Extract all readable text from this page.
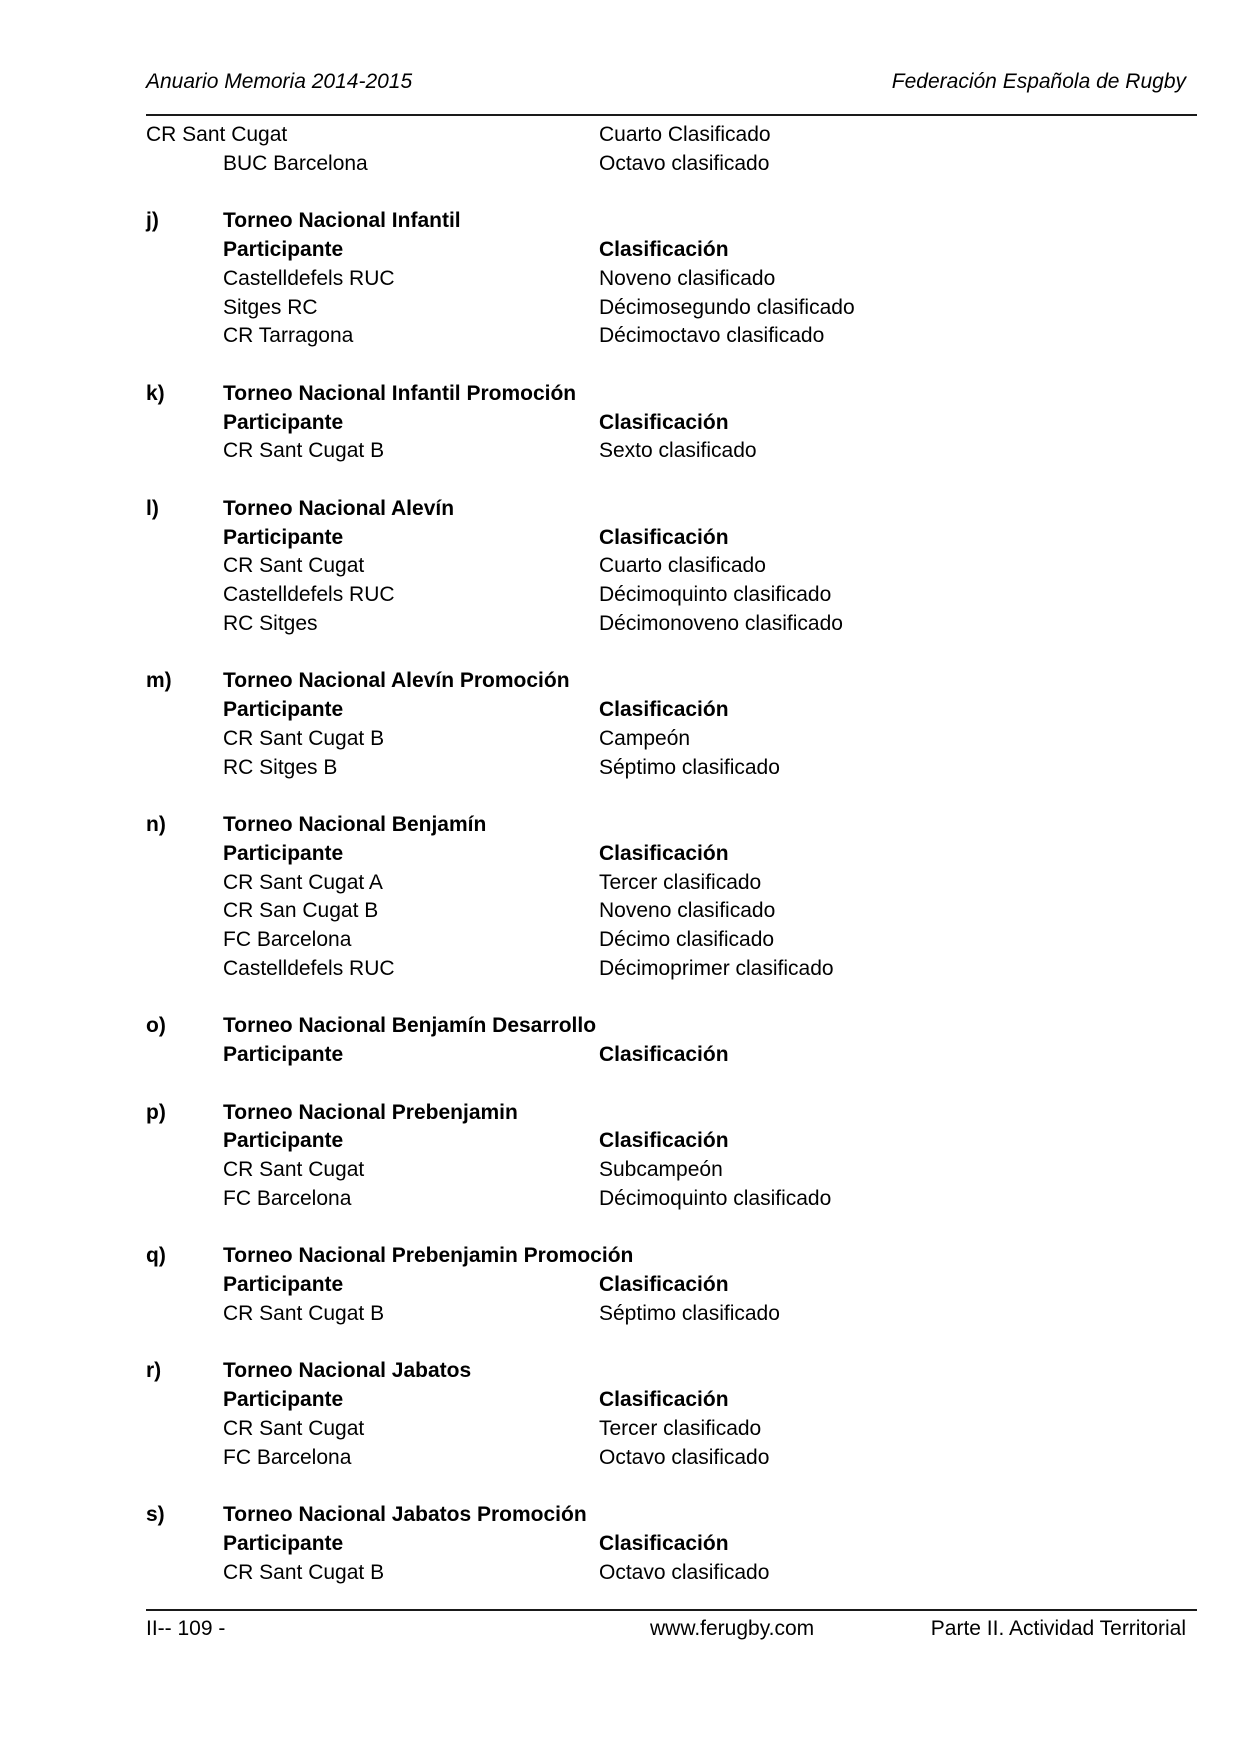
Anuario Memoria 2014-2015	Federación Española de Rugby
CR Sant Cugat	Cuarto Clasificado
BUC Barcelona	Octavo clasificado
j)	Torneo Nacional Infantil
Participante	Clasificación
Castelldefels RUC	Noveno clasificado
Sitges RC	Décimosegundo clasificado
CR Tarragona	Décimoctavo clasificado
k)	Torneo Nacional Infantil Promoción
Participante	Clasificación
CR Sant Cugat B	Sexto clasificado
l)	Torneo Nacional Alevín
Participante	Clasificación
CR Sant Cugat	Cuarto clasificado
Castelldefels RUC	Décimoquinto clasificado
RC Sitges	Décimonoveno clasificado
m) Torneo Nacional Alevín Promoción
Participante	Clasificación
CR Sant Cugat B	Campeón
RC Sitges B	Séptimo clasificado
n)	Torneo Nacional Benjamín
Participante	Clasificación
CR Sant Cugat A	Tercer clasificado
CR San Cugat B	Noveno clasificado
FC Barcelona	Décimo clasificado
Castelldefels RUC	Décimoprimer clasificado
o)	Torneo Nacional Benjamín Desarrollo
Participante	Clasificación
p)	Torneo Nacional Prebenjamin
Participante	Clasificación
CR Sant Cugat	Subcampeón
FC Barcelona	Décimoquinto clasificado
q)	Torneo Nacional Prebenjamin Promoción
Participante	Clasificación
CR Sant Cugat B	Séptimo clasificado
r)	Torneo Nacional Jabatos
Participante	Clasificación
CR Sant Cugat	Tercer clasificado
FC Barcelona	Octavo clasificado
s)	Torneo Nacional Jabatos Promoción
Participante	Clasificación
CR Sant Cugat B	Octavo clasificado
II-- 109 -	www.ferugby.com	Parte II. Actividad Territorial
